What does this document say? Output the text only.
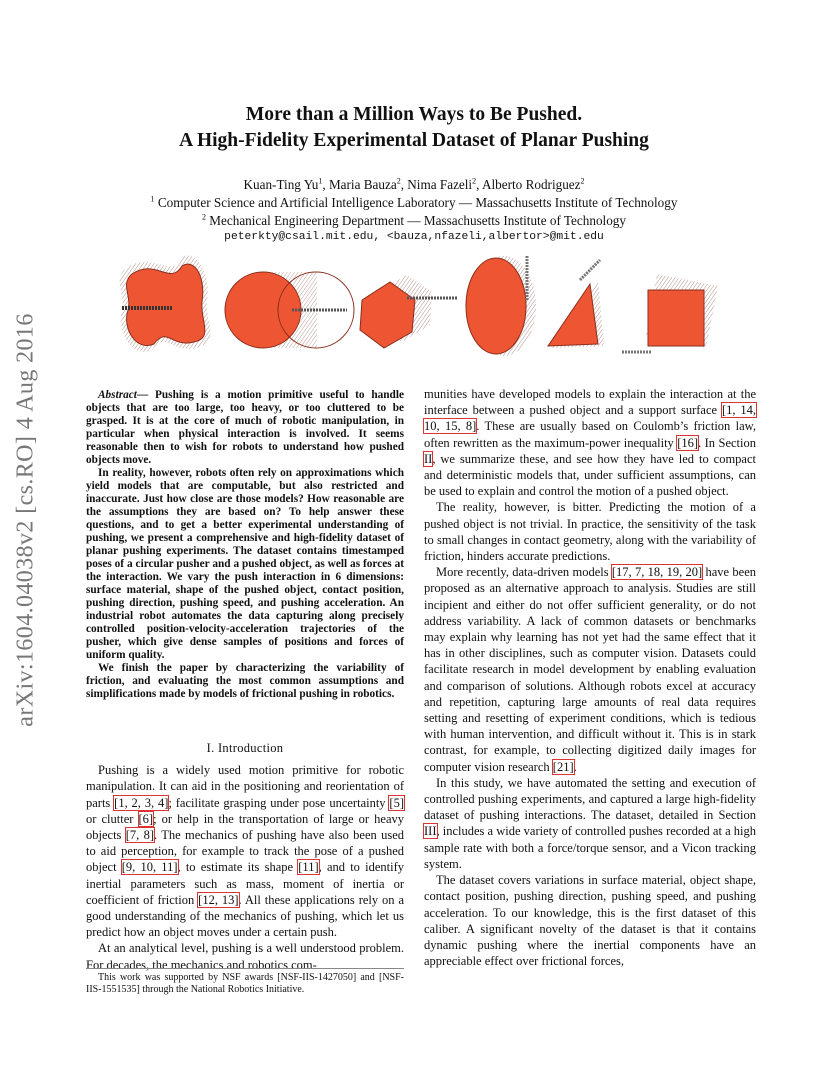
arXiv:1604.04038v2 [cs.RO] 4 Aug 2016
More than a Million Ways to Be Pushed.
A High-Fidelity Experimental Dataset of Planar Pushing
Kuan-Ting Yu$^1$, Maria Bauza$^2$, Nima Fazeli$^2$, Alberto Rodriguez$^2$
$^1$ Computer Science and Artificial Intelligence Laboratory — Massachusetts Institute of Technology
$^2$ Mechanical Engineering Department — Massachusetts Institute of Technology
peterkty@csail.mit.edu, <bauza,nfazeli,albertor>@mit.edu

Abstract— Pushing is a motion primitive useful to handle objects that are too large, too heavy, or too cluttered to be grasped. It is at the core of much of robotic manipulation, in particular when physical interaction is involved. It seems reasonable then to wish for robots to understand how pushed objects move.

In reality, however, robots often rely on approximations which yield models that are computable, but also restricted and inaccurate. Just how close are those models? How reasonable are the assumptions they are based on? To help answer these questions, and to get a better experimental understanding of pushing, we present a comprehensive and high-fidelity dataset of planar pushing experiments. The dataset contains timestamped poses of a circular pusher and a pushed object, as well as forces at the interaction. We vary the push interaction in 6 dimensions: surface material, shape of the pushed object, contact position, pushing direction, pushing speed, and pushing acceleration. An industrial robot automates the data capturing along precisely controlled position-velocity-acceleration trajectories of the pusher, which give dense samples of positions and forces of uniform quality.

We finish the paper by characterizing the variability of friction, and evaluating the most common assumptions and simplifications made by models of frictional pushing in robotics.

I. Introduction

Pushing is a widely used motion primitive for robotic manipulation. It can aid in the positioning and reorientation of parts [1, 2, 3, 4]; facilitate grasping under pose uncertainty [5] or clutter [6]; or help in the transportation of large or heavy objects [7, 8]. The mechanics of pushing have also been used to aid perception, for example to track the pose of a pushed object [9, 10, 11], to estimate its shape [11], and to identify inertial parameters such as mass, moment of inertia or coefficient of friction [12, 13]. All these applications rely on a good understanding of the mechanics of pushing, which let us predict how an object moves under a certain push.

At an analytical level, pushing is a well understood problem. For decades, the mechanics and robotics com-

This work was supported by NSF awards [NSF-IIS-1427050] and [NSF-IIS-1551535] through the National Robotics Initiative.

munities have developed models to explain the interaction at the interface between a pushed object and a support surface [1, 14, 10, 15, 8]. These are usually based on Coulomb’s friction law, often rewritten as the maximum-power inequality [16]. In Section II, we summarize these, and see how they have led to compact and deterministic models that, under sufficient assumptions, can be used to explain and control the motion of a pushed object.

The reality, however, is bitter. Predicting the motion of a pushed object is not trivial. In practice, the sensitivity of the task to small changes in contact geometry, along with the variability of friction, hinders accurate predictions.

More recently, data-driven models [17, 7, 18, 19, 20] have been proposed as an alternative approach to analysis. Studies are still incipient and either do not offer sufficient generality, or do not address variability. A lack of common datasets or benchmarks may explain why learning has not yet had the same effect that it has in other disciplines, such as computer vision. Datasets could facilitate research in model development by enabling evaluation and comparison of solutions. Although robots excel at accuracy and repetition, capturing large amounts of real data requires setting and resetting of experiment conditions, which is tedious with human intervention, and difficult without it. This is in stark contrast, for example, to collecting digitized daily images for computer vision research [21].

In this study, we have automated the setting and execution of controlled pushing experiments, and captured a large high-fidelity dataset of pushing interactions. The dataset, detailed in Section III, includes a wide variety of controlled pushes recorded at a high sample rate with both a force/torque sensor, and a Vicon tracking system.

The dataset covers variations in surface material, object shape, contact position, pushing direction, pushing speed, and pushing acceleration. To our knowledge, this is the first dataset of this caliber. A significant novelty of the dataset is that it contains dynamic pushing where the inertial components have an appreciable effect over frictional forces,
